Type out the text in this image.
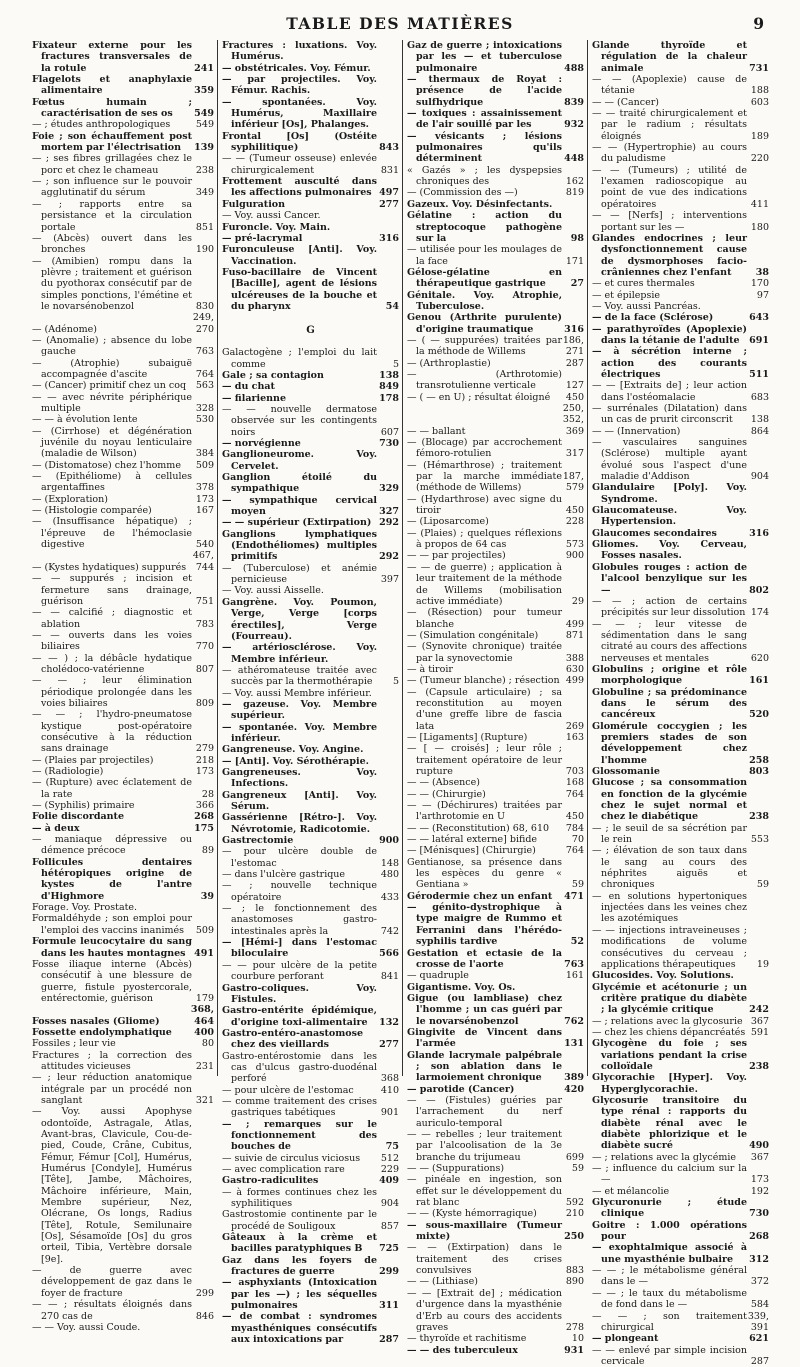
TABLE DES MATIÈRES	9
Fixateur externe pour les fractures transversales de la rotule	241
Flagelots et anaphylaxie alimentaire	359
Fœtus humain ; caractérisation de ses os	549
— ; études anthropologiques	549
Foie ; son échauffement post mortem par l'électrisation	139
— ; ses fibres grillagées chez le porc et chez le chameau	238
— ; son influence sur le pouvoir agglutinatif du sérum	349
— ; rapports entre sa persistance et la circulation portale	851
— (Abcès) ouvert dans les bronches	190
— (Amibien) rompu dans la plèvre ; traitement et guérison du pyothorax consécutif par de simples ponctions, l'émétine et le novarsénobenzol	830
— (Adénome)
249, 270
— (Anomalie) ; absence du lobe gauche	763
— (Atrophie) subaiguë accompagnée d'ascite	764
— (Cancer) primitif chez un coq	563
— — avec névrite périphérique multiple	328
— — à évolution lente	530
— (Cirrhose) et dégénération juvénile du noyau lenticulaire (maladie de Wilson)	384
— (Distomatose) chez l'homme	509
— (Epithéliome) à cellules argentaffines	378
— (Exploration)	173
— (Histologie comparée)	167
— (Insuffisance hépatique) ; l'épreuve de l'hémoclasie digestive	540
— (Kystes hydatiques) suppurés
467, 744
— — suppurés ; incision et fermeture sans drainage, guérison	751
— — calcifié ; diagnostic et ablation	783
— — ouverts dans les voies biliaires	770
— — ) ; la débâcle hydatique cholédoco-vatérienne	807
— — ; leur élimination périodique prolongée dans les voies biliaires	809
— — ; l'hydro-pneumatose kystique post-opératoire consécutive à la réduction sans drainage	279
— (Plaies par projectiles)	218
— (Radiologie)	173
— (Rupture) avec éclatement de la rate	28
— (Syphilis) primaire	366
Folie discordante	268
— à deux	175
— maniaque dépressive ou démence précoce	89
Follicules dentaires hétéropiques origine de kystes de l'antre d'Highmore	39
Forage. Voy. Prostate.
Formaldéhyde ; son emploi pour l'emploi des vaccins inanimés	509
Formule leucocytaire du sang dans les hautes montagnes 491
Fosse iliaque interne (Abcès) consécutif à une blessure de guerre, fistule pyostercorale, entérectomie, guérison	179
Fosses nasales (Gliome)
368, 464
Fossette endolymphatique	400
Fossiles ; leur vie	80
Fractures ; la correction des attitudes vicieuses	231
— ; leur réduction anatomique intégrale par un procédé non sanglant	321
— Voy. aussi Apophyse odontoïde, Astragale, Atlas, Avant-bras, Clavicule, Cou-de-pied, Coude, Crâne, Cubitus, Fémur, Fémur [Col], Humérus, Humérus [Condyle], Humérus [Tête], Jambe, Mâchoires, Mâchoire inférieure, Main, Membre supérieur, Nez, Olécrane, Os longs, Radius [Tête], Rotule, Semilunaire [Os], Sésamoïde [Os] du gros orteil, Tibia, Vertèbre dorsale [9e].
— de guerre avec développement de gaz dans le foyer de fracture	299
— — ; résultats éloignés dans 270 cas de	846
— — Voy. aussi Coude.
Fractures : luxations. Voy. Humérus.
— obstétricales. Voy. Fémur.
— par projectiles. Voy. Fémur. Rachis.
— spontanées. Voy. Humérus, Maxillaire inférieur [Os], Phalanges.
Frontal [Os] (Ostéite syphilitique)	843
— — (Tumeur osseuse) enlevée chirurgicalement	831
Frottement ausculté dans les affections pulmonaires 497
Fulguration	277
— Voy. aussi Cancer.
Furoncle. Voy. Main.
— pré-lacrymal	316
Furonculeuse [Anti]. Voy. Vaccination.
Fuso-bacillaire de Vincent [Bacille], agent de lésions ulcéreuses de la bouche et du pharynx	54
G
Galactogène ; l'emploi du lait comme	5
Gale ; sa contagion	138
— du chat	849
— filarienne	178
— — nouvelle dermatose observée sur les contingents noirs	607
— norvégienne	730
Ganglioneurome. Voy. Cervelet.
Ganglion étoilé du sympathique	329
— sympathique cervical moyen	327
— — supérieur (Extirpation) 292
Ganglions lymphatiques (Endothéliomes) multiples primitifs	292
— (Tuberculose) et anémie pernicieuse	397
— Voy. aussi Aisselle.
Gangrène. Voy. Poumon, Verge, Verge [corps érectiles], Verge (Fourreau).
— artériosclérose. Voy. Membre inférieur.
— athéromateuse traitée avec succès par la thermothérapie	5
— Voy. aussi Membre inférieur.
— gazeuse. Voy. Membre supérieur.
— spontanée. Voy. Membre inférieur.
Gangreneuse. Voy. Angine.
— [Anti]. Voy. Sérothérapie.
Gangreneuses. Voy. Infections.
Gangreneux [Anti]. Voy. Sérum.
Gassérienne [Rétro-]. Voy. Névrotomie, Radicotomie.
Gastrectomie	900
— pour ulcère double de l'estomac	148
— dans l'ulcère gastrique	480
— ; nouvelle technique opératoire	433
— ; le fonctionnement des anastomoses gastro-intestinales après la	742
— [Hémi-] dans l'estomac biloculaire	566
— — pour ulcère de la petite courbure perforant	841
Gastro-coliques. Voy. Fistules.
Gastro-entérite épidémique, d'origine toxi-alimentaire	132
Gastro-entéro-anastomose chez des vieillards	277
Gastro-entérostomie dans les cas d'ulcus gastro-duodénal perforé	368
— pour ulcère de l'estomac	410
— comme traitement des crises gastriques tabétiques	901
— ; remarques sur le fonctionnement des bouches de	75
— suivie de circulus viciosus	512
— avec complication rare	229
Gastro-radiculites	409
— à formes continues chez les syphilitiques	904
Gastrostomie continente par le procédé de Souligoux	857
Gâteaux à la crème et bacilles paratyphiques B	725
Gaz dans les foyers de fractures de guerre	299
— asphyxiants (Intoxication par les —) ; les séquelles pulmonaires	311
— de combat : syndromes myasthéniques consécutifs aux intoxications par	287
Gaz de guerre ; intoxications par les — et tuberculose pulmonaire	488
— thermaux de Royat : présence de l'acide sulfhydrique	839
— toxiques : assainissement de l'air souillé par les	932
— vésicants ; lésions pulmonaires qu'ils déterminent	448
« Gazés » ; les dyspepsies chroniques des	162
— (Commission des —)	819
Gazeux. Voy. Désinfectants.
Gélatine : action du streptocoque pathogène sur la	98
— utilisée pour les moulages de la face	171
Gélose-gélatine en thérapeutique gastrique	27
Génitale. Voy. Atrophie, Tuberculose.
Genou (Arthrite purulente) d'origine traumatique	316
— ( — suppurées) traitées par la méthode de Willems
186, 271
— (Arthroplastie)	287
— (Arthrotomie) transrotulienne verticale	127
— ( — en U) ; résultat éloigné	450
— — ballant
250, 352, 369
— (Blocage) par accrochement fémoro-rotulien	317
— (Hémarthrose) ; traitement par la marche immédiate (méthode de Willems)
187, 579
— (Hydarthrose) avec signe du tiroir	450
— (Liposarcome)	228
— (Plaies) ; quelques réflexions à propos de 64 cas	573
— — par projectiles)	900
— — de guerre) ; application à leur traitement de la méthode de Willems (mobilisation active immédiate)	29
— (Résection) pour tumeur blanche	499
— (Simulation congénitale)	871
— (Synovite chronique) traitée par la synovectomie	388
— à tiroir	630
— (Tumeur blanche) ; résection 499
— (Capsule articulaire) ; sa reconstitution au moyen d'une greffe libre de fascia lata	269
— [Ligaments] (Rupture)	163
— [ — croisés] ; leur rôle ; traitement opératoire de leur rupture	703
— — (Absence)	168
— — (Chirurgie)	764
— — (Déchirures) traitées par l'arthrotomie en U	450
— — (Reconstitution) 68, 610	784
— — latéral externe] bifide	70
— [Ménisques] (Chirurgie)	764
Gentianose, sa présence dans les espèces du genre « Gentiana »	59
Gérodermie chez un enfant	471
— génito-dystrophique à type maigre de Rummo et Ferranini dans l'hérédo-syphilis tardive	52
Gestation et ectasie de la crosse de l'aorte	763
— quadruple	161
Gigantisme. Voy. Os.
Gigue (ou lambliase) chez l'homme ; un cas guéri par le novarsénobenzol	762
Gingivite de Vincent dans l'armée	131
Glande lacrymale palpébrale ; son ablation dans le larmoiement chronique	389
— parotide (Cancer)	420
— — (Fistules) guéries par l'arrachement du nerf auriculo-temporal
— — rebelles ; leur traitement par l'alcoolisation de la 3e branche du trijumeau	699
— — (Suppurations)	59
— pinéale en ingestion, son effet sur le développement du rat blanc	592
— — (Kyste hémorragique)	210
— sous-maxillaire (Tumeur mixte)	250
— — (Extirpation) dans le traitement des crises convulsives	883
— — (Lithiase)	890
— — [Extrait de] ; médication d'urgence dans la myasthénie d'Erb au cours des accidents graves	278
— thyroïde et rachitisme	10
— — des tuberculeux	931
Glande thyroïde et régulation de la chaleur animale	731
— — (Apoplexie) cause de tétanie	188
— — (Cancer)	603
— — traité chirurgicalement et par le radium ; résultats éloignés	189
— — (Hypertrophie) au cours du paludisme	220
— — (Tumeurs) ; utilité de l'examen radioscopique au point de vue des indications opératoires	411
— — [Nerfs] ; interventions portant sur les —	180
Glandes endocrines ; leur dysfonctionnement cause de dysmorphoses facio-crâniennes chez l'enfant	38
— et cures thermales	170
— et épilepsie	97
— Voy. aussi Pancréas.
— de la face (Sclérose)	643
— parathyroïdes (Apoplexie) dans la tétanie de l'adulte	691
— à sécrétion interne ; action des courants électriques	511
— — [Extraits de] ; leur action dans l'ostéomalacie	683
— surrénales (Dilatation) dans un cas de prurit circonscrit	138
— — (Innervation)	864
— vasculaires sanguines (Sclérose) multiple ayant évolué sous l'aspect d'une maladie d'Addison	904
Glandulaire [Poly]. Voy. Syndrome.
Glaucomateuse. Voy. Hypertension.
Glaucomes secondaires	316
Gliomes. Voy. Cerveau, Fosses nasales.
Globules rouges : action de l'alcool benzylique sur les —	802
— — ; action de certains précipités sur leur dissolution 174
— — ; leur vitesse de sédimentation dans le sang citraté au cours des affections nerveuses et mentales	620
Globulins ; origine et rôle morphologique	161
Globuline ; sa prédominance dans le sérum des cancéreux	520
Glomérule coccygien ; les premiers stades de son développement chez l'homme	258
Glossomanie	803
Glucose ; sa consommation en fonction de la glycémie chez le sujet normal et chez le diabétique	238
— ; le seuil de sa sécrétion par le rein	553
— ; élévation de son taux dans le sang au cours des néphrites aiguës et chroniques	59
— en solutions hypertoniques injectées dans les veines chez les azotémiques
— — injections intraveineuses ; modifications de volume consécutives du cerveau ; applications thérapeutiques	19
Glucosides. Voy. Solutions.
Glycémie et acétonurie ; un critère pratique du diabète ; la glycémie critique	242
— ; relations avec la glycosurie 367
— chez les chiens dépancréatés 591
Glycogène du foie ; ses variations pendant la crise colloïdale	238
Glycorachie [Hyper]. Voy. Hyperglycorachie.
Glycosurie transitoire du type rénal : rapports du diabète rénal avec le diabète phlorizique et le diabète sucré	490
— ; relations avec la glycémie	367
— ; influence du calcium sur la —	173
— et mélancolie	192
Glycuronurie ; étude clinique	730
Goitre : 1.000 opérations pour	268
— exophtalmique associé à une myasthénie bulbaire	312
— — ; le métabolisme général dans le —	372
— — ; le taux du métabolisme de fond dans le —	584
— — ; son traitement chirurgical
339, 391
— plongeant	621
— — enlevé par simple incision cervicale	287
